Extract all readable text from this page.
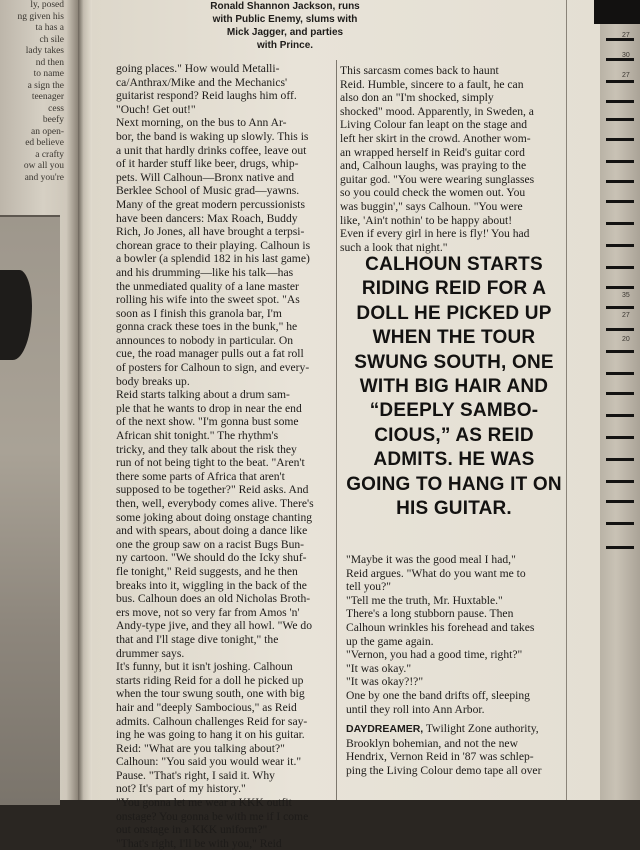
ly, posed
ng given his
ta has a
ch sile
lady takes
nd then
to name
a sign the
teenager
cess
beefy
an open-
ed believe
a crafty
ow all you
and you're
Ronald Shannon Jackson, runs
with Public Enemy, slums with
Mick Jagger, and parties
with Prince.
going places." How would Metalli-
ca/Anthrax/Mike and the Mechanics'
guitarist respond? Reid laughs him off.
"Ouch! Get out!"
Next morning, on the bus to Ann Ar-
bor, the band is waking up slowly. This is
a unit that hardly drinks coffee, leave out
of it harder stuff like beer, drugs, whip-
pets. Will Calhoun—Bronx native and
Berklee School of Music grad—yawns.
Many of the great modern percussionists
have been dancers: Max Roach, Buddy
Rich, Jo Jones, all have brought a terpsi-
chorean grace to their playing. Calhoun is
a bowler (a splendid 182 in his last game)
and his drumming—like his talk—has
the unmediated quality of a lane master
rolling his wife into the sweet spot. "As
soon as I finish this granola bar, I'm
gonna crack these toes in the bunk," he
announces to nobody in particular. On
cue, the road manager pulls out a fat roll
of posters for Calhoun to sign, and every-
body breaks up.
Reid starts talking about a drum sam-
ple that he wants to drop in near the end
of the next show. "I'm gonna bust some
African shit tonight." The rhythm's
tricky, and they talk about the risk they
run of not being tight to the beat. "Aren't
there some parts of Africa that aren't
supposed to be together?" Reid asks. And
then, well, everybody comes alive. There's
some joking about doing onstage chanting
and with spears, about doing a dance like
one the group saw on a racist Bugs Bun-
ny cartoon. "We should do the Icky shuf-
fle tonight," Reid suggests, and he then
breaks into it, wiggling in the back of the
bus. Calhoun does an old Nicholas Broth-
ers move, not so very far from Amos 'n'
Andy-type jive, and they all howl. "We do
that and I'll stage dive tonight," the
drummer says.
It's funny, but it isn't joshing. Calhoun
starts riding Reid for a doll he picked up
when the tour swung south, one with big
hair and "deeply Sambocious," as Reid
admits. Calhoun challenges Reid for say-
ing he was going to hang it on his guitar.
Reid: "What are you talking about?"
Calhoun: "You said you would wear it."
Pause. "That's right, I said it. Why
not? It's part of my history."
"You gonna let me wear a KKK outfit
onstage? You gonna be with me if I come
out onstage in a KKK uniform?"
"That's right, I'll be with you," Reid
This sarcasm comes back to haunt
Reid. Humble, sincere to a fault, he can
also don an "I'm shocked, simply
shocked" mood. Apparently, in Sweden, a
Living Colour fan leapt on the stage and
left her skirt in the crowd. Another wom-
an wrapped herself in Reid's guitar cord
and, Calhoun laughs, was praying to the
guitar god. "You were wearing sunglasses
so you could check the women out. You
was buggin'," says Calhoun. "You were
like, 'Ain't nothin' to be happy about!
Even if every girl in here is fly!' You had
such a look that night."
CALHOUN STARTS
RIDING REID FOR A
DOLL HE PICKED UP
WHEN THE TOUR
SWUNG SOUTH, ONE
WITH BIG HAIR AND
“DEEPLY SAMBO-
CIOUS,” AS REID
ADMITS. HE WAS
GOING TO HANG IT ON
HIS GUITAR.
"Maybe it was the good meal I had,"
Reid argues. "What do you want me to
tell you?"
"Tell me the truth, Mr. Huxtable."
There's a long stubborn pause. Then
Calhoun wrinkles his forehead and takes
up the game again.
"Vernon, you had a good time, right?"
"It was okay."
"It was okay?!?"
One by one the band drifts off, sleeping
until they roll into Ann Arbor.
DAYDREAMER, Twilight Zone authority,
Brooklyn bohemian, and not the new
Hendrix, Vernon Reid in '87 was schlep-
ping the Living Colour demo tape all over
27
30
27
35
27
20
